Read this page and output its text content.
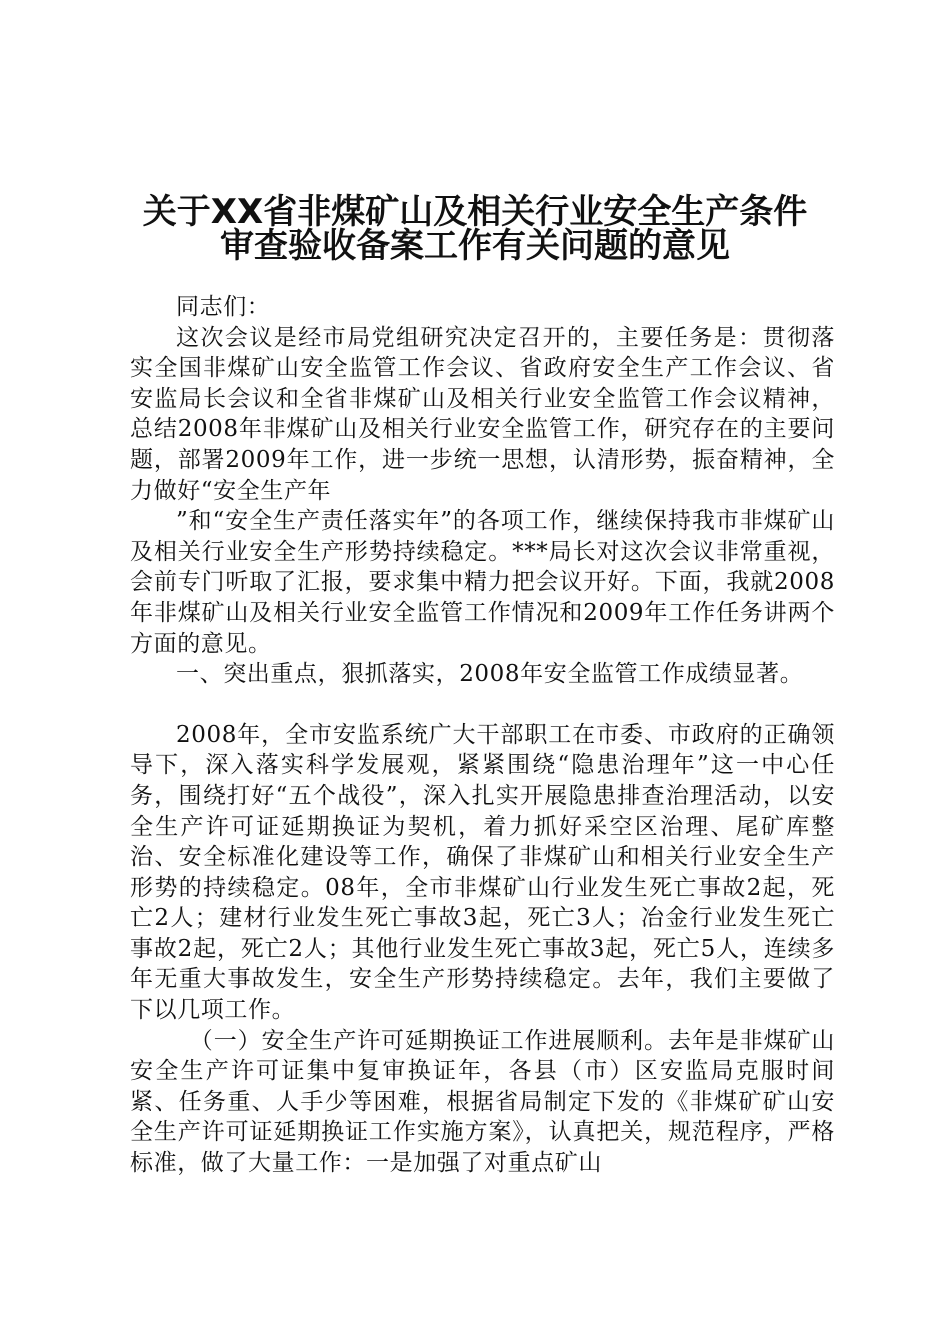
关于XX省非煤矿山及相关行业安全生产条件
审查验收备案工作有关问题的意见

同志们：

这次会议是经市局党组研究决定召开的，主要任务是：贯彻落实全国非煤矿山安全监管工作会议、省政府安全生产工作会议、省安监局长会议和全省非煤矿山及相关行业安全监管工作会议精神，总结2008年非煤矿山及相关行业安全监管工作，研究存在的主要问题，部署2009年工作，进一步统一思想，认清形势，振奋精神，全力做好“安全生产年

”和“安全生产责任落实年”的各项工作，继续保持我市非煤矿山及相关行业安全生产形势持续稳定。***局长对这次会议非常重视，会前专门听取了汇报，要求集中精力把会议开好。下面，我就2008年非煤矿山及相关行业安全监管工作情况和2009年工作任务讲两个方面的意见。

一、突出重点，狠抓落实，2008年安全监管工作成绩显著。

2008年，全市安监系统广大干部职工在市委、市政府的正确领导下，深入落实科学发展观，紧紧围绕“隐患治理年”这一中心任务，围绕打好“五个战役”，深入扎实开展隐患排查治理活动，以安全生产许可证延期换证为契机，着力抓好采空区治理、尾矿库整治、安全标准化建设等工作，确保了非煤矿山和相关行业安全生产形势的持续稳定。08年，全市非煤矿山行业发生死亡事故2起，死亡2人；建材行业发生死亡事故3起，死亡3人；冶金行业发生死亡事故2起，死亡2人；其他行业发生死亡事故3起，死亡5人，连续多年无重大事故发生，安全生产形势持续稳定。去年，我们主要做了下以几项工作。

（一）安全生产许可延期换证工作进展顺利。去年是非煤矿山安全生产许可证集中复审换证年，各县（市）区安监局克服时间紧、任务重、人手少等困难，根据省局制定下发的《非煤矿矿山安全生产许可证延期换证工作实施方案》，认真把关，规范程序，严格标准，做了大量工作：一是加强了对重点矿山
